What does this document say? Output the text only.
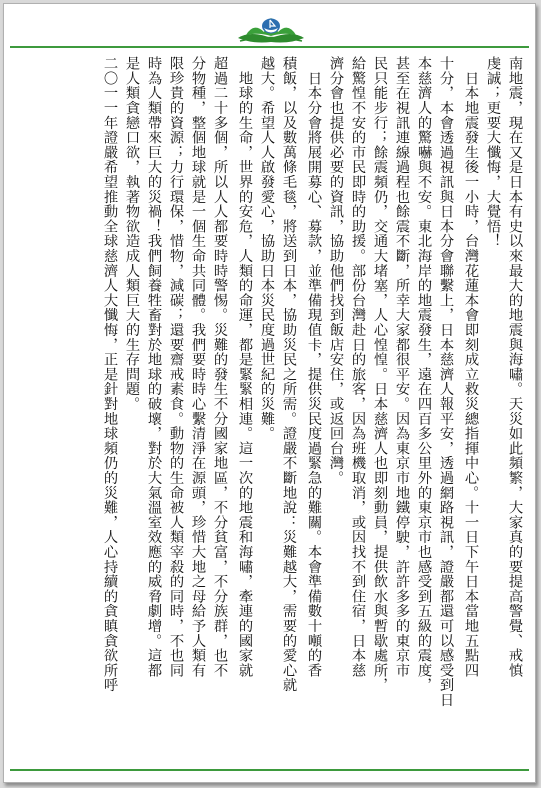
南地震，現在又是日本有史以來最大的地震與海嘯。天災如此頻繁，大家真的要提高警覺、戒慎

虔誠；更要大懺悔，大覺悟！

　日本地震發生後一小時，台灣花蓮本會即刻成立救災總指揮中心。十一日下午日本當地五點四

十分，本會透過視訊與日本分會聯繫上，日本慈濟人報平安，透過網路視訊，證嚴都還可以感受到日

本慈濟人的驚嚇與不安。東北海岸的地震發生，遠在四百多公里外的東京市也感受到五級的震度，

甚至在視訊連線過程也餘震不斷，所幸大家都很平安。因為東京市地鐵停駛，許許多多的東京市

民只能步行；餘震頻仍，交通大堵塞，人心惶惶。日本慈濟人也即刻動員，提供飲水與暫歇處所，

給驚惶不安的市民即時的助援。部份台灣赴日的旅客，因為班機取消，或因找不到住宿，日本慈

濟分會也提供必要的資訊，協助他們找到飯店安住，或返回台灣。

　日本分會將展開募心、募款，並準備現值卡，提供災民度過緊急的難關。本會準備數十噸的香

積飯，以及數萬條毛毯，將送到日本，協助災民之所需。證嚴不斷地說：災難越大，需要的愛心就

越大。希望人人啟發愛心，協助日本災民度過世紀的災難。

　地球的生命，世界的安危，人類的命運，都是緊緊相連。這一次的地震和海嘯，牽連的國家就

超過二十多個，所以人人都要時時警惕。災難的發生不分國家地區，不分貧富，不分族群，也不

分物種，整個地球就是一個生命共同體。我們要時時心繫清淨在源頭，珍惜大地之母給予人類有

限珍貴的資源；力行環保，惜物，減碳；還要齋戒素食。動物的生命被人類宰殺的同時，不也同

時為人類帶來巨大的災禍！我們飼養牲畜對於地球的破壞，對於大氣溫室效應的威脅劇增。這都

是人類貪戀口欲，執著物欲造成人類巨大的生存問題。

二〇一一年證嚴希望推動全球慈濟人大懺悔，正是針對地球頻仍的災難，人心持續的貪瞋貪欲所呼
